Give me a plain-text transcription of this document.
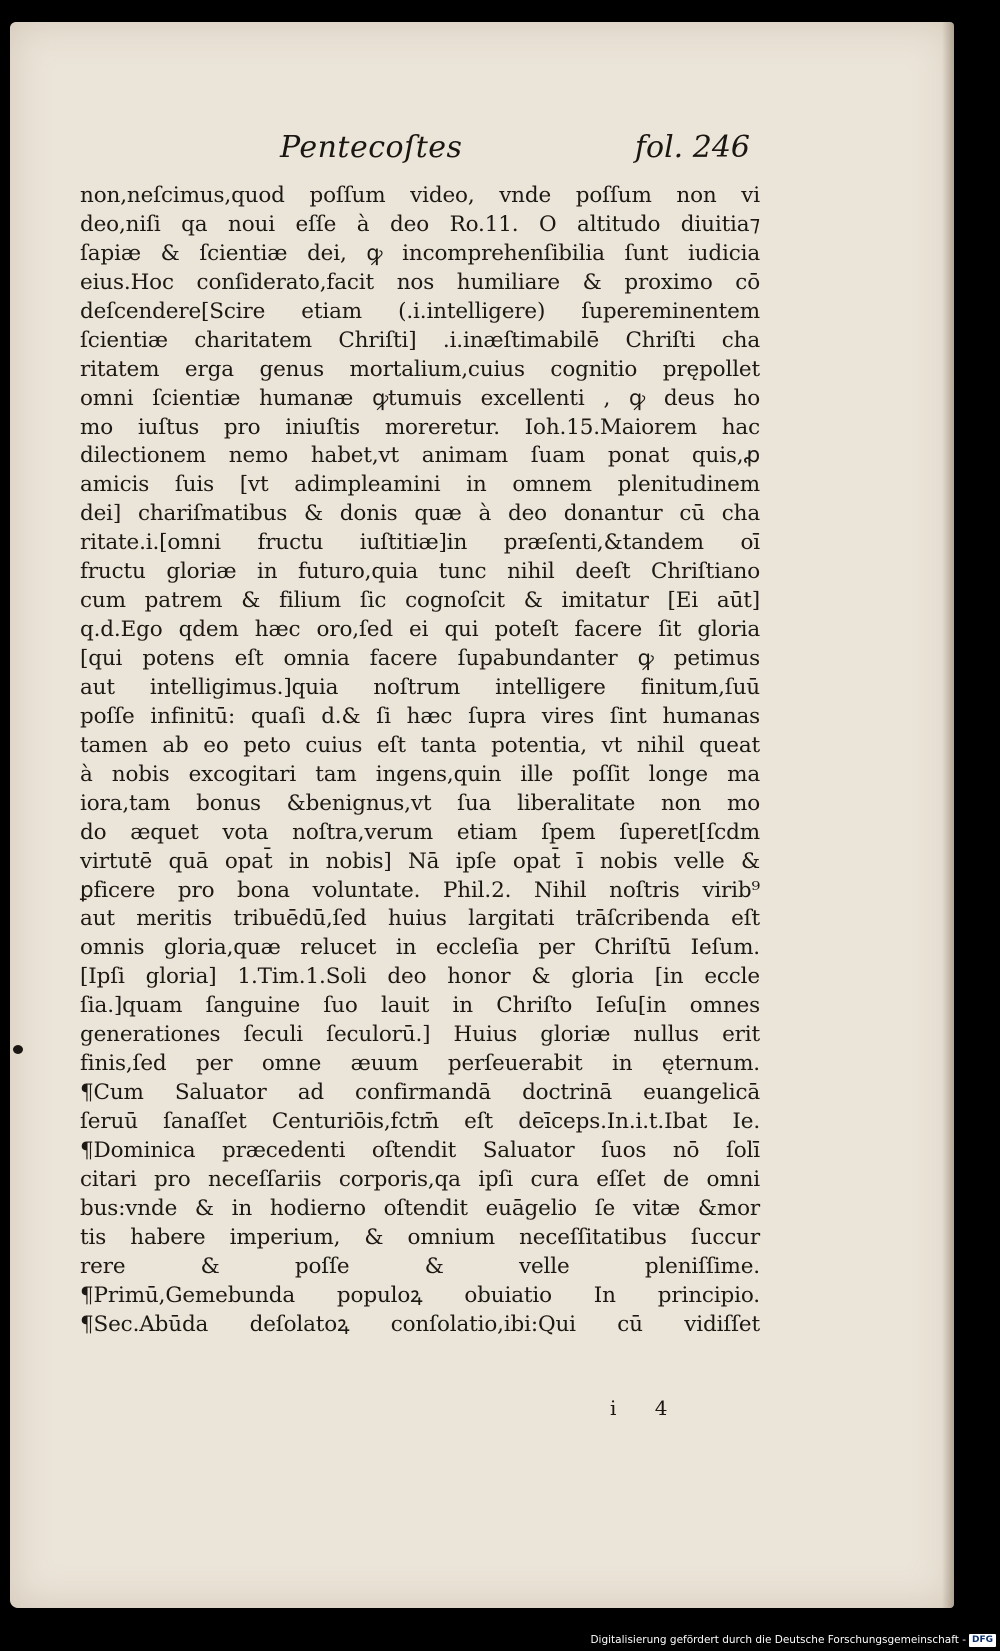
Pentecoſtes	fol. 246
non,neſcimus,quod poſſum video, vnde poſſum non vi
deo,niſi qa noui eſſe à deo Ro.11. O altitudo diuitia⁊
ſapiæ & ſcientiæ dei, ꝙ incomprehenſibilia ſunt iudicia
eius.Hoc conſiderato,facit nos humiliare & proximo cō
deſcendere[Scire etiam (.i.intelligere) ſupereminentem
ſcientiæ charitatem Chriſti] .i.inæſtimabilē Chriſti cha
ritatem erga genus mortalium,cuius cognitio prępollet
omni ſcientiæ humanæ ꝙtumuis excellenti , ꝙ deus ho
mo iuſtus pro iniuſtis moreretur. Ioh.15.Maiorem hac
dilectionem nemo habet,vt animam ſuam ponat quis,ꝓ
amicis ſuis [vt adimpleamini in omnem plenitudinem
dei] chariſmatibus & donis quæ à deo donantur cū cha
ritate.i.[omni fructu iuſtitiæ]in præſenti,&tandem oī
fructu gloriæ in futuro,quia tunc nihil deeſt Chriſtiano
cum patrem & filium ſic cognoſcit & imitatur [Ei aūt]
q.d.Ego qdem hæc oro,ſed ei qui poteſt facere ſit gloria
[qui potens eſt omnia facere ſupabundanter ꝙ petimus
aut intelligimus.]quia noſtrum intelligere finitum,ſuū
poſſe infinitū: quaſi d.& ſi hæc ſupra vires ſint humanas
tamen ab eo peto cuius eſt tanta potentia, vt nihil queat
à nobis excogitari tam ingens,quin ille poſſit longe ma
iora,tam bonus &benignus,vt ſua liberalitate non mo
do æquet vota noſtra,verum etiam ſpem ſuperet[ſcdm
virtutē quā opat̄ in nobis] Nā ipſe opat̄ ī nobis velle &
ꝑficere pro bona voluntate. Phil.2. Nihil noſtris virib⁹
aut meritis tribuēdū,ſed huius largitati trāſcribenda eſt
omnis gloria,quæ relucet in eccleſia per Chriſtū Ieſum.
[Ipſi gloria] 1.Tim.1.Soli deo honor & gloria [in eccle
ſia.]quam ſanguine ſuo lauit in Chriſto Ieſu[in omnes
generationes ſeculi ſeculorū.] Huius gloriæ nullus erit
finis,ſed per omne æuum perſeuerabit in ęternum.
¶Cum Saluator ad confirmandā doctrinā euangelicā
ſeruū ſanaſſet Centuriōis,fctm̄ eſt deīceps.In.i.t.Ibat Ie.
¶Dominica præcedenti oſtendit Saluator ſuos nō ſolī
citari pro neceſſariis corporis,qa ipſi cura eſſet de omni
bus:vnde & in hodierno oſtendit euāgelio ſe vitæ &mor
tis habere imperium, & omnium neceſſitatibus ſuccur
rere & poſſe & velle pleniſſime.
¶Primū,Gemebunda populoꝝ obuiatio In principio.
¶Sec.Abūda deſolatoꝝ conſolatio,ibi:Qui cū vidiſſet
i 4
Digitalisierung gefördert durch die Deutsche Forschungsgemeinschaft - DFG
